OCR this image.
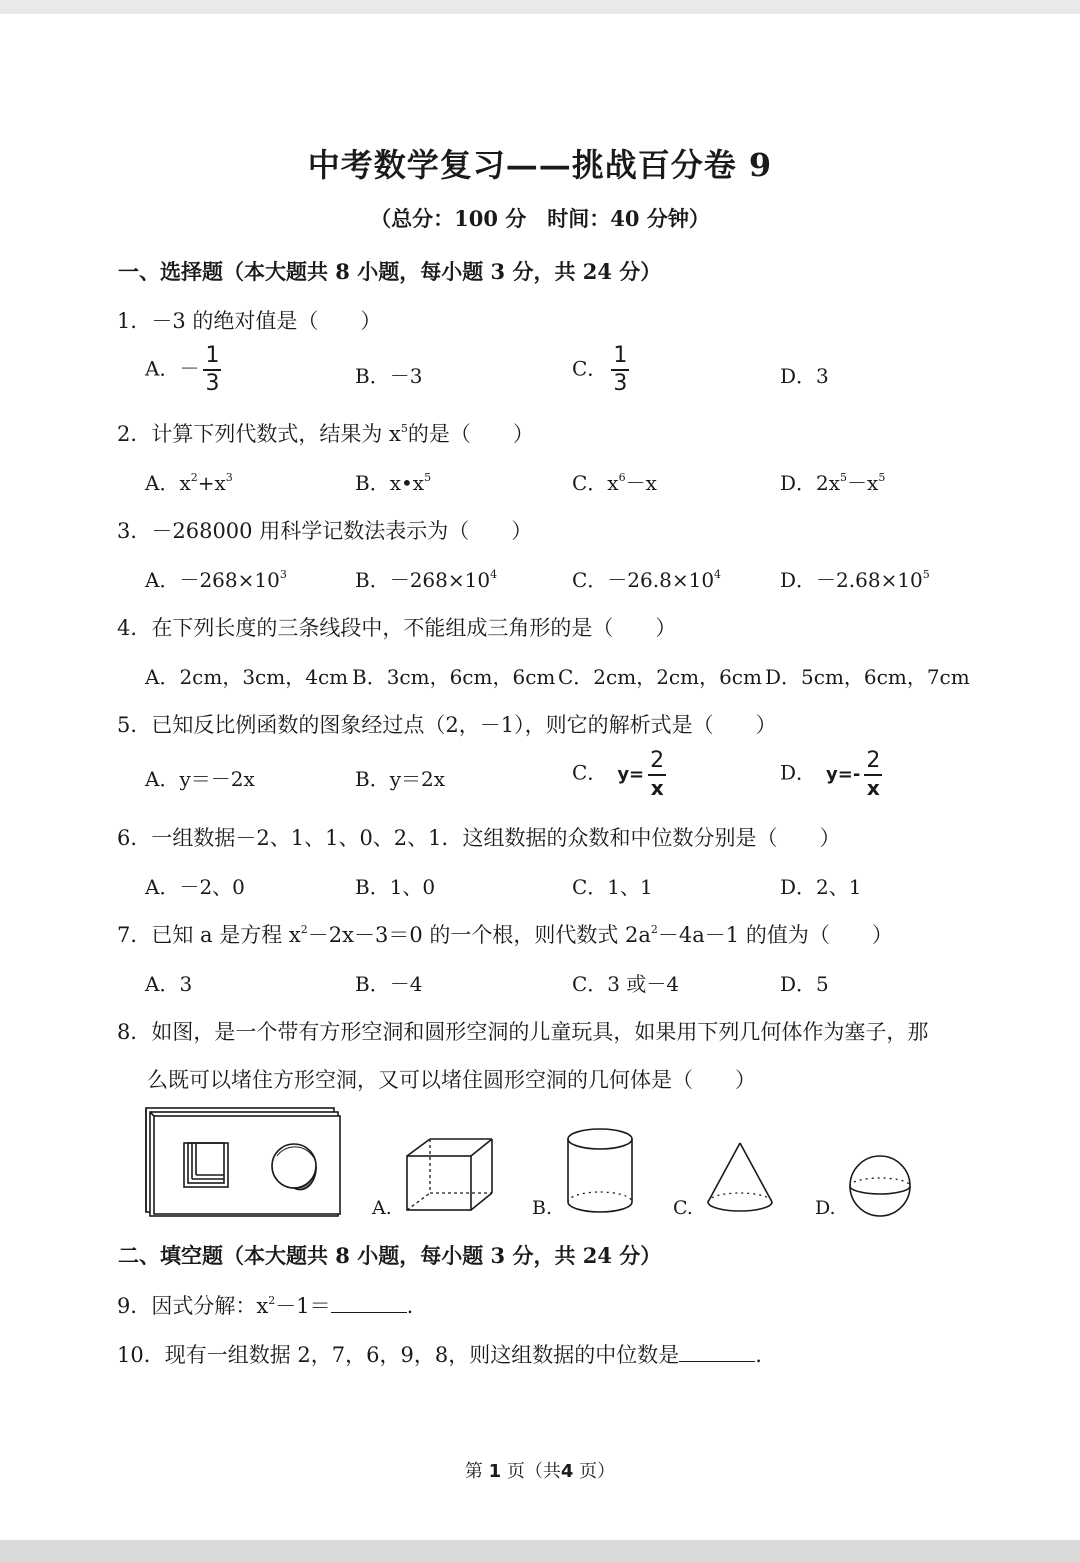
中考数学复习——挑战百分卷 9
（总分：100 分　时间：40 分钟）
一、选择题（本大题共 8 小题，每小题 3 分，共 24 分）
1．－3 的绝对值是（　　）
A．－ $\frac{1}{3}$	B．－3	C． $\frac{1}{3}$	D．3
2．计算下列代数式，结果为 $x^5$的是（　　）
A．$x^2+x^3$	B．$x•x^5$	C．$x^6-x$	D．$2x^5-x^5$
3．－268000 用科学记数法表示为（　　）
A．$-268\times 10^3$	B．$-268\times 10^4$	C．$-26.8\times 10^4$	D．$-2.68\times 10^5$
4．在下列长度的三条线段中，不能组成三角形的是（　　）
A．2cm，3cm，4cm B．3cm，6cm，6cm C．2cm，2cm，6cm D．5cm，6cm，7cm
5．已知反比例函数的图象经过点（2，－1），则它的解析式是（　　）
A．y＝－2x	B．y＝2x	C． $y= \frac{2}{x}$	D． $y=- \frac{2}{x}$
6．一组数据－2、1、1、0、2、1．这组数据的众数和中位数分别是（　　）
A．－2、0	B．1、0	C．1、1	D．2、1
7．已知 a 是方程 $x^2-2x-3=0$ 的一个根，则代数式 $2a^2-4a-1$ 的值为（　　）
A．3	B．－4	C．3 或－4	D．5
8．如图，是一个带有方形空洞和圆形空洞的儿童玩具，如果用下列几何体作为塞子，那
么既可以堵住方形空洞，又可以堵住圆形空洞的几何体是（　　）
A.	B.	C.	D.
二、填空题（本大题共 8 小题，每小题 3 分，共 24 分）
9．因式分解：$x^2-1=$	.
10．现有一组数据 2，7，6，9，8，则这组数据的中位数是	.
第 1 页（共4 页）
